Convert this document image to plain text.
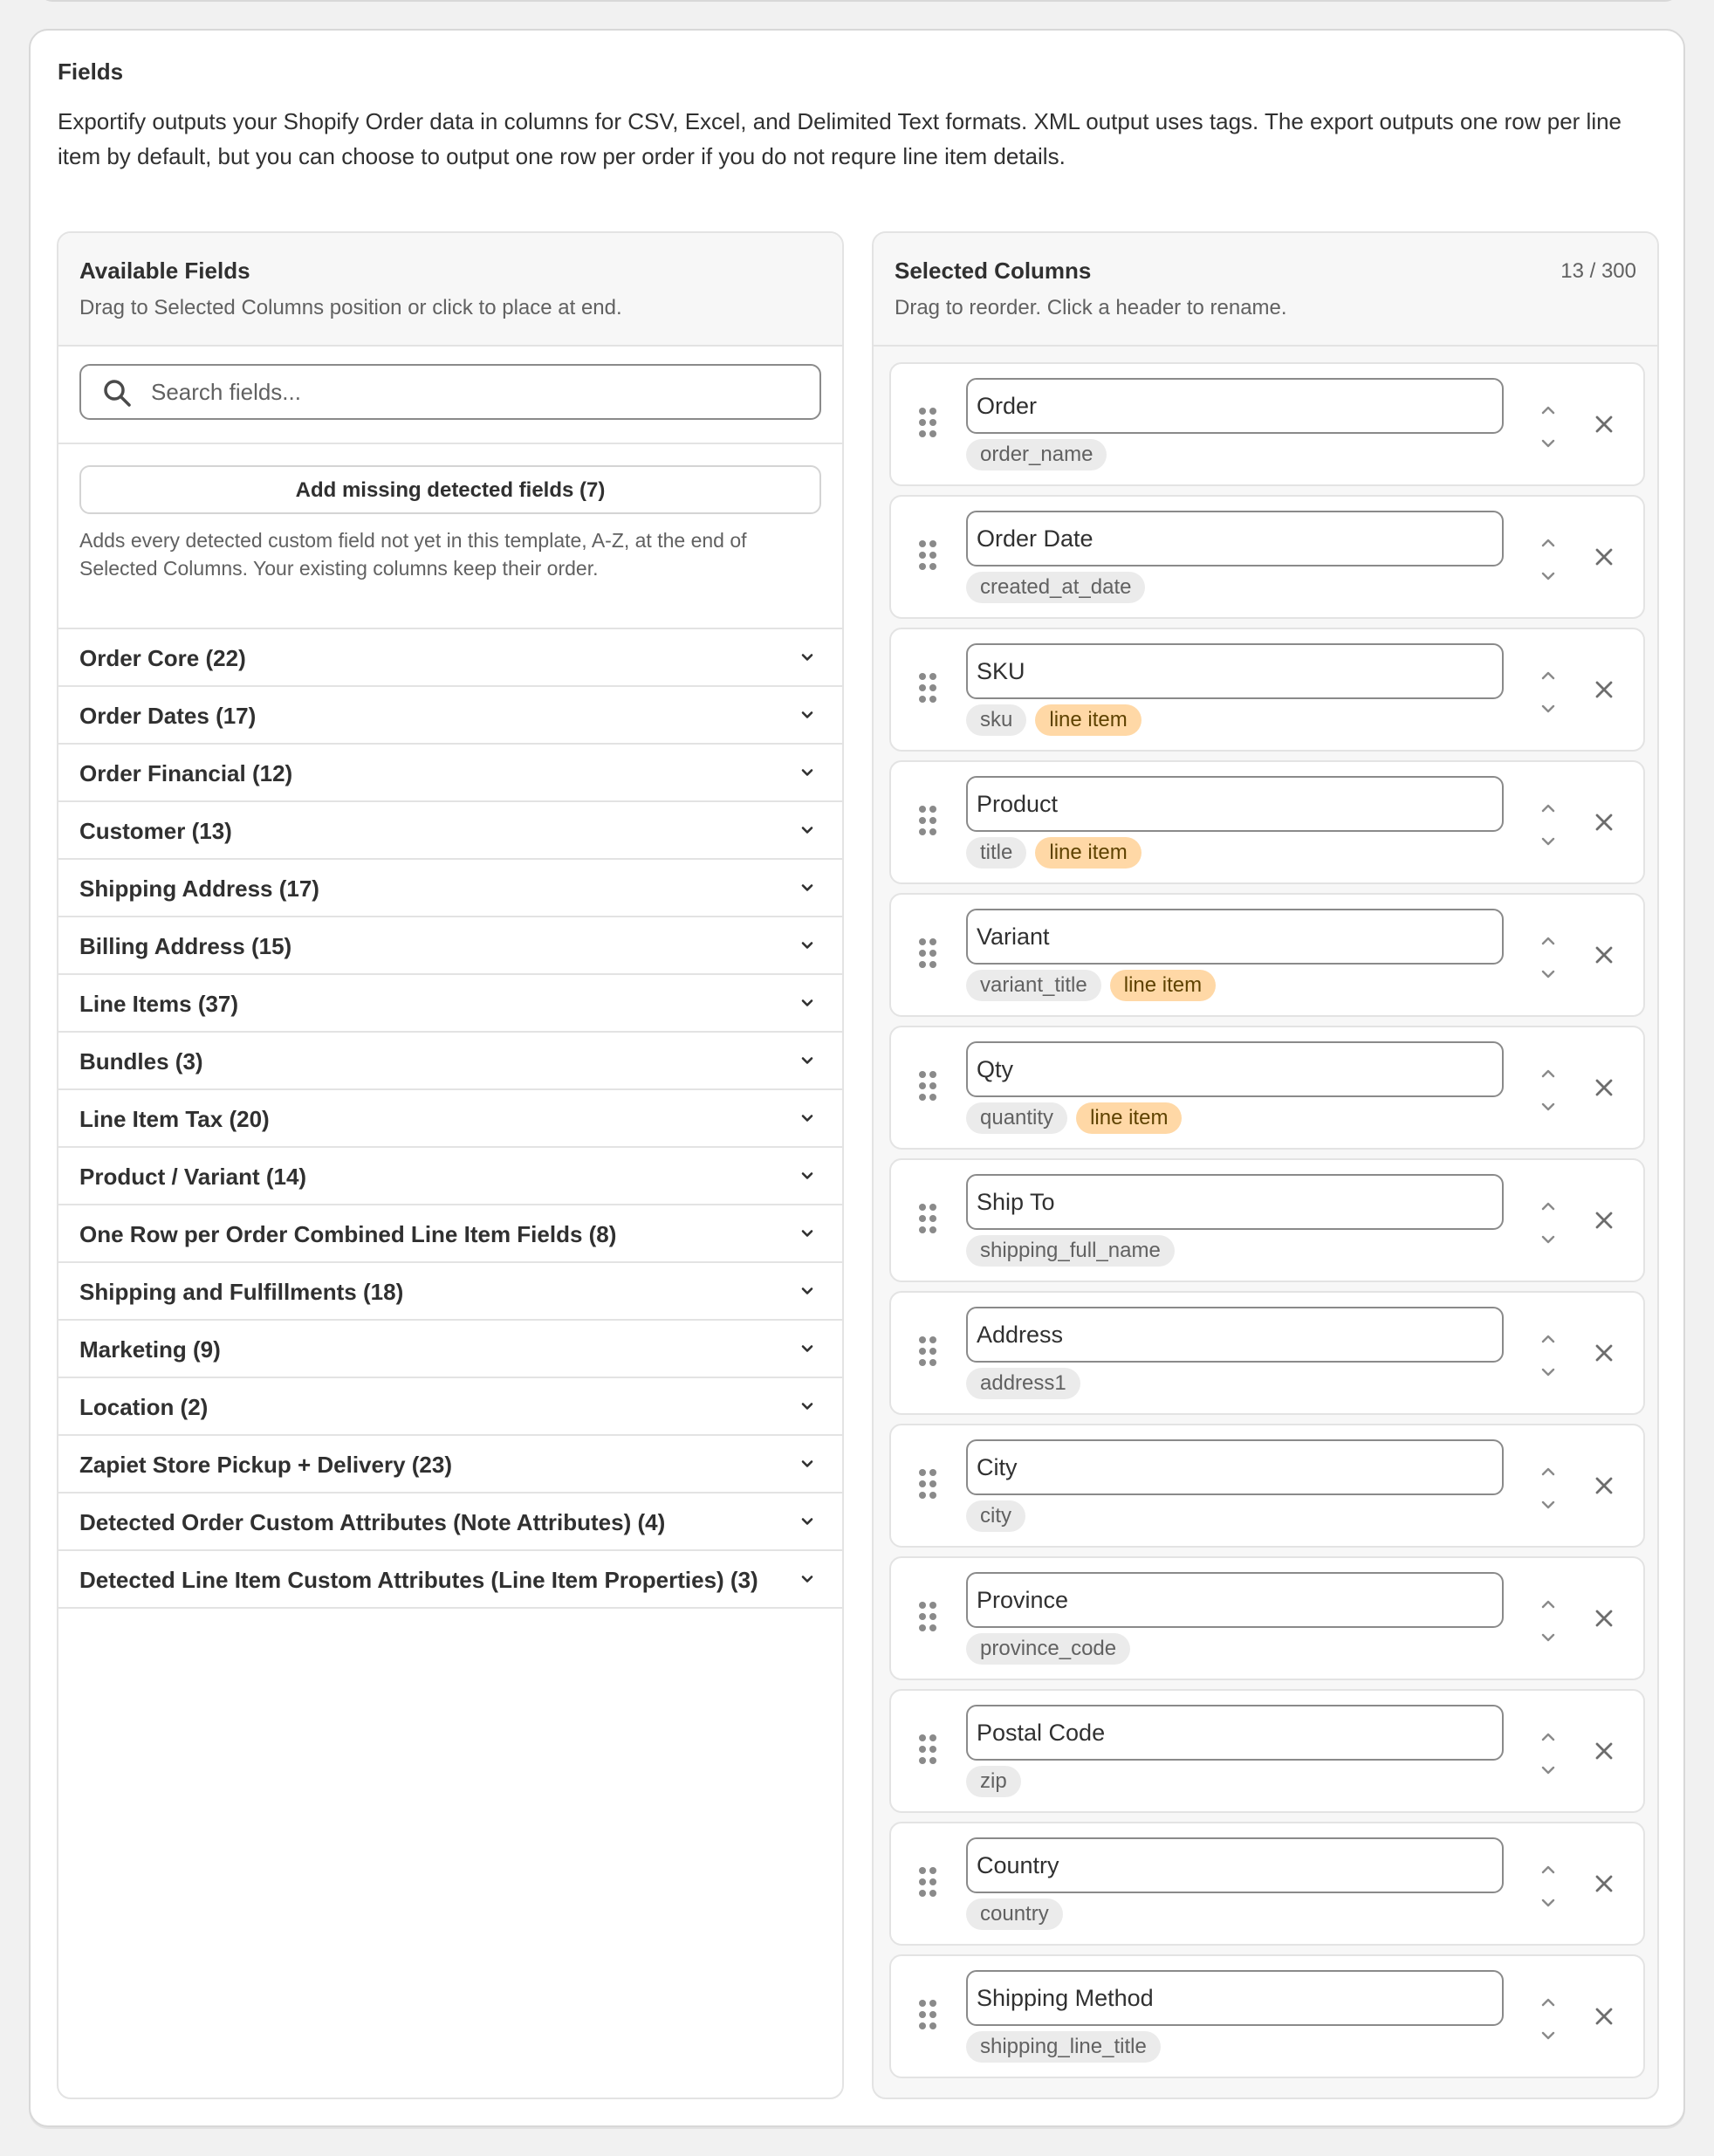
Fields
Exportify outputs your Shopify Order data in columns for CSV, Excel, and Delimited Text formats. XML output uses tags. The export outputs one row per line item by default, but you can choose to output one row per order if you do not requre line item details.
Available Fields
Drag to Selected Columns position or click to place at end.
Search fields...
Add missing detected fields (7)
Adds every detected custom field not yet in this template, A-Z, at the end of Selected Columns. Your existing columns keep their order.
Order Core (22)
Order Dates (17)
Order Financial (12)
Customer (13)
Shipping Address (17)
Billing Address (15)
Line Items (37)
Bundles (3)
Line Item Tax (20)
Product / Variant (14)
One Row per Order Combined Line Item Fields (8)
Shipping and Fulfillments (18)
Marketing (9)
Location (2)
Zapiet Store Pickup + Delivery (23)
Detected Order Custom Attributes (Note Attributes) (4)
Detected Line Item Custom Attributes (Line Item Properties) (3)
Selected Columns
Drag to reorder. Click a header to rename.
13 / 300
Order
order_name
Order Date
created_at_date
SKU
sku	line item
Product
title	line item
Variant
variant_title	line item
Qty
quantity	line item
Ship To
shipping_full_name
Address
address1
City
city
Province
province_code
Postal Code
zip
Country
country
Shipping Method
shipping_line_title
